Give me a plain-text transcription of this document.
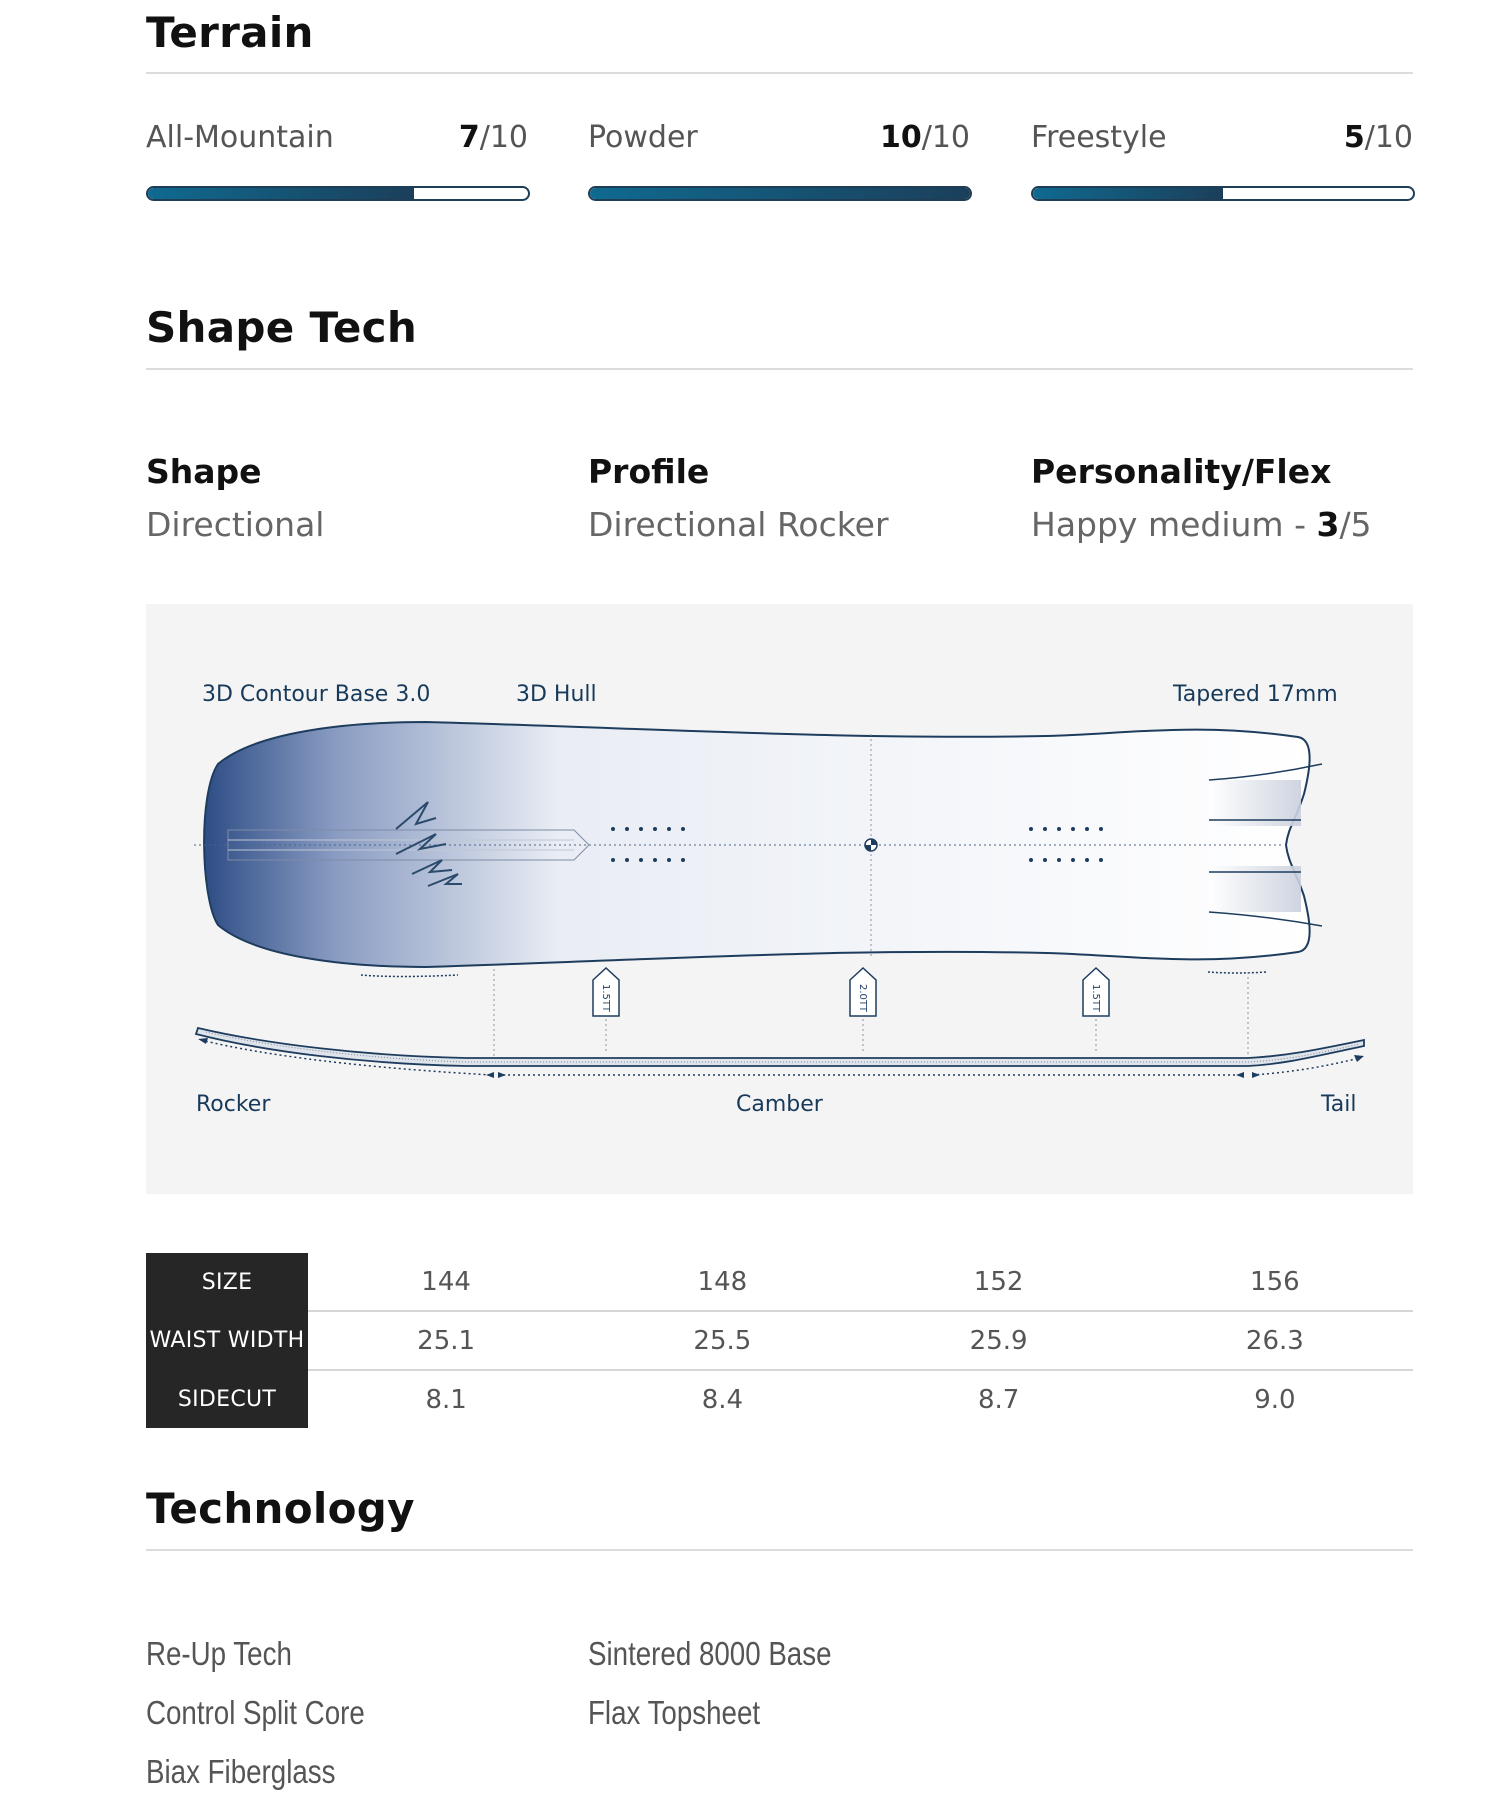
Terrain
All-Mountain	7/10 Powder	10/10 Freestyle	5/10
Shape Tech
Shape
Directional
Profile
Directional Rocker
Personality/Flex
Happy medium - 3/5
3D Contour Base 3.0	3D Hull	Tapered 17mm
Rocker	Camber	Tail
1.5TT	2.0TT	1.5TT
SIZE	144	148	152	156
WAIST WIDTH	25.1	25.5	25.9	26.3
SIDECUT	8.1	8.4	8.7	9.0
Technology
Re-Up Tech
Control Split Core
Biax Fiberglass
Sintered 8000 Base
Flax Topsheet
